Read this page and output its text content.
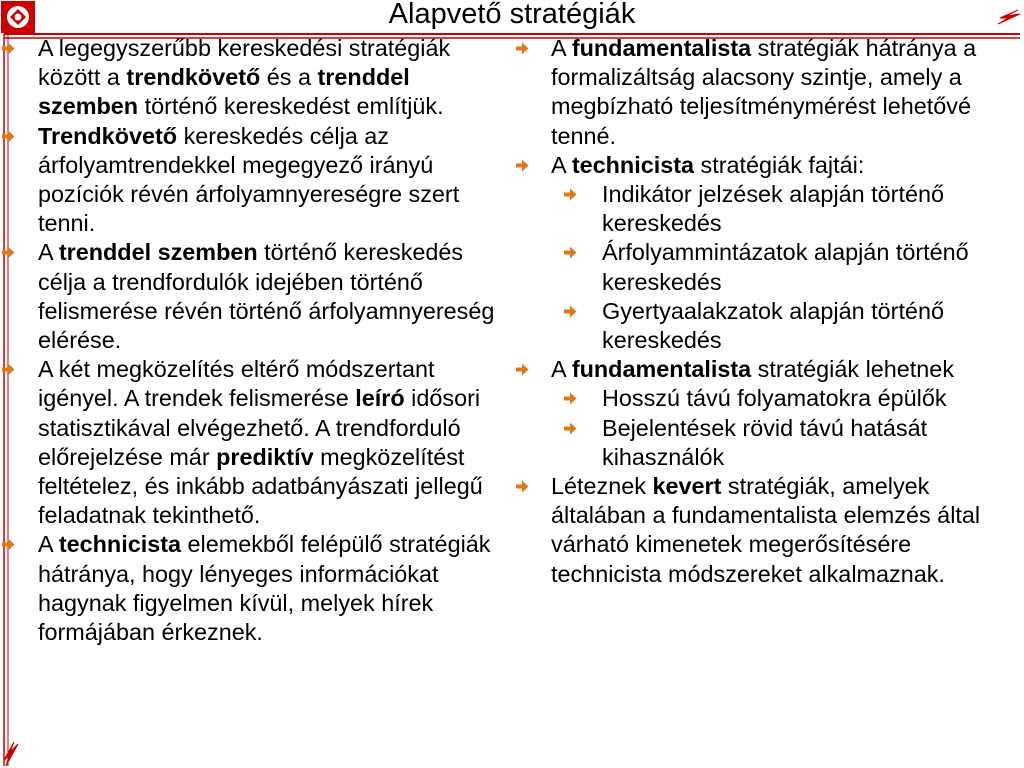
Alapvető stratégiák
A legegyszerűbb kereskedési stratégiák között a trendkövető és a trenddel szemben történő kereskedést említjük.
Trendkövető kereskedés célja az árfolyamtrendekkel megegyező irányú pozíciók révén árfolyamnyereségre szert tenni.
A trenddel szemben történő kereskedés célja a trendfordulók idejében történő felismerése révén történő árfolyamnyereség elérése.
A két megközelítés eltérő módszertant igényel. A trendek felismerése leíró idősori statisztikával elvégezhető. A trendforduló előrejelzése már prediktív megközelítést feltételez, és inkább adatbányászati jellegű feladatnak tekinthető.
A technicista elemekből felépülő stratégiák hátránya, hogy lényeges információkat hagynak figyelmen kívül, melyek hírek formájában érkeznek.
A fundamentalista stratégiák hátránya a formalizáltság alacsony szintje, amely a megbízható teljesítménymérést lehetővé tenné.
A technicista stratégiák fajtái:
Indikátor jelzések alapján történő kereskedés
Árfolyammintázatok alapján történő kereskedés
Gyertyaalakzatok alapján történő kereskedés
A fundamentalista stratégiák lehetnek
Hosszú távú folyamatokra épülők
Bejelentések rövid távú hatását kihasználók
Léteznek kevert stratégiák, amelyek általában a fundamentalista elemzés által várható kimenetek megerősítésére technicista módszereket alkalmaznak.
